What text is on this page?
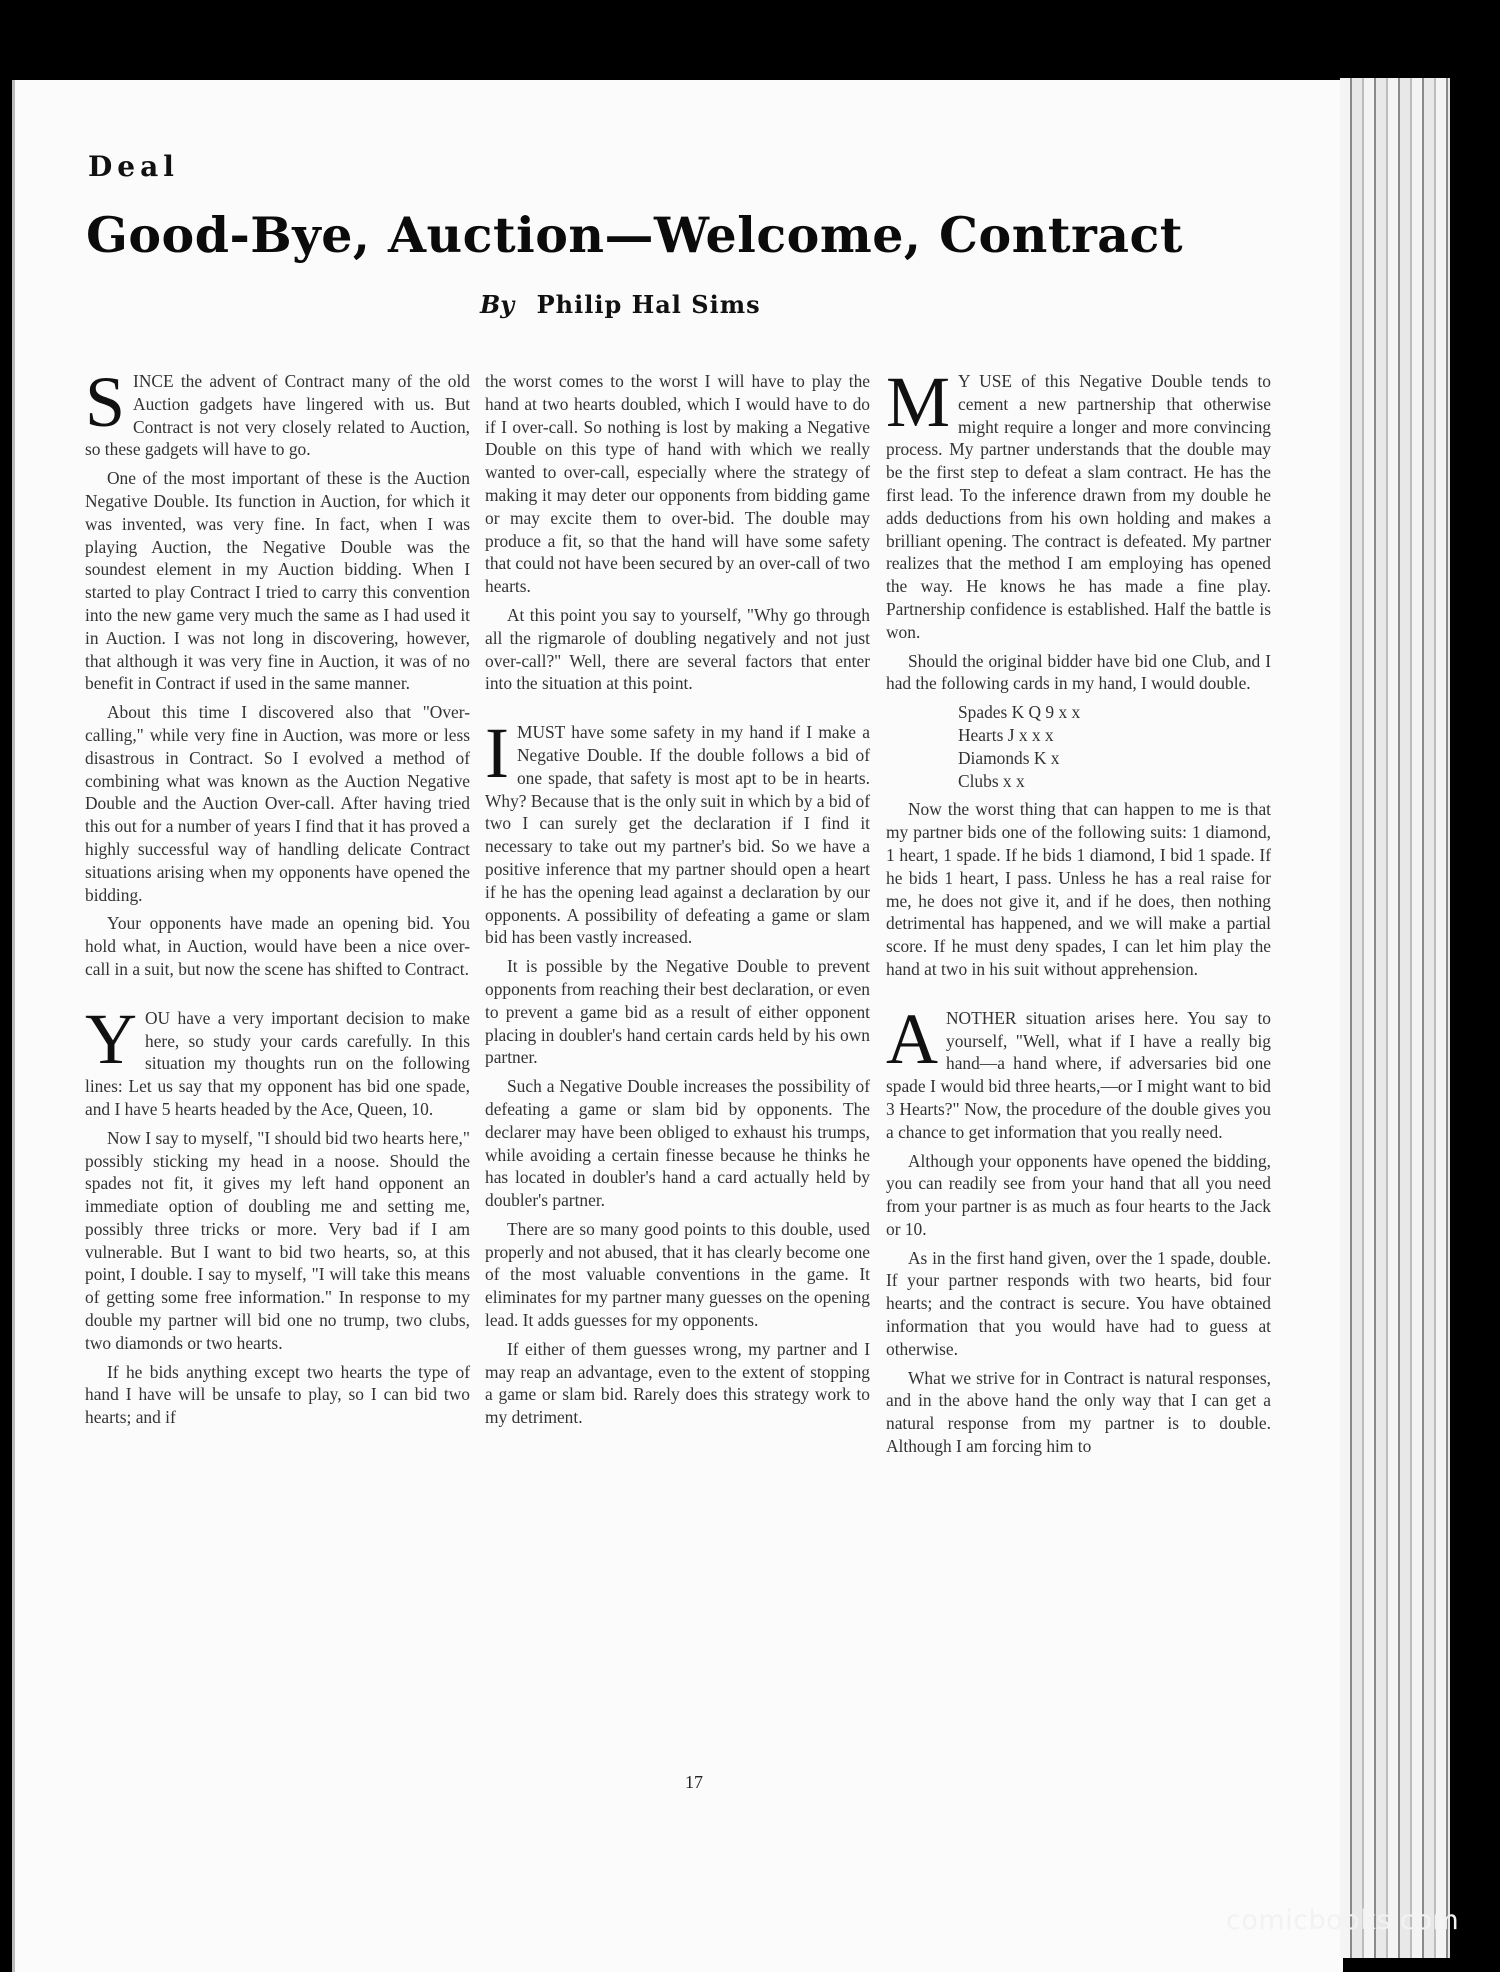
Deal
Good-Bye, Auction—Welcome, Contract
By Philip Hal Sims

SINCE the advent of Contract many of the old Auction gadgets have lingered with us. But Contract is not very closely related to Auction, so these gadgets will have to go.

One of the most important of these is the Auction Negative Double. Its function in Auction, for which it was invented, was very fine. In fact, when I was playing Auction, the Negative Double was the soundest element in my Auction bidding. When I started to play Contract I tried to carry this convention into the new game very much the same as I had used it in Auction. I was not long in discovering, however, that although it was very fine in Auction, it was of no benefit in Contract if used in the same manner.

About this time I discovered also that "Over-calling," while very fine in Auction, was more or less disastrous in Contract. So I evolved a method of combining what was known as the Auction Negative Double and the Auction Over-call. After having tried this out for a number of years I find that it has proved a highly successful way of handling delicate Contract situations arising when my opponents have opened the bidding.

Your opponents have made an opening bid. You hold what, in Auction, would have been a nice over-call in a suit, but now the scene has shifted to Contract.

YOU have a very important decision to make here, so study your cards carefully. In this situation my thoughts run on the following lines: Let us say that my opponent has bid one spade, and I have 5 hearts headed by the Ace, Queen, 10.

Now I say to myself, "I should bid two hearts here," possibly sticking my head in a noose. Should the spades not fit, it gives my left hand opponent an immediate option of doubling me and setting me, possibly three tricks or more. Very bad if I am vulnerable. But I want to bid two hearts, so, at this point, I double. I say to myself, "I will take this means of getting some free information." In response to my double my partner will bid one no trump, two clubs, two diamonds or two hearts.

If he bids anything except two hearts the type of hand I have will be unsafe to play, so I can bid two hearts; and if

the worst comes to the worst I will have to play the hand at two hearts doubled, which I would have to do if I over-call. So nothing is lost by making a Negative Double on this type of hand with which we really wanted to over-call, especially where the strategy of making it may deter our opponents from bidding game or may excite them to over-bid. The double may produce a fit, so that the hand will have some safety that could not have been secured by an over-call of two hearts.

At this point you say to yourself, "Why go through all the rigmarole of doubling negatively and not just over-call?" Well, there are several factors that enter into the situation at this point.

IMUST have some safety in my hand if I make a Negative Double. If the double follows a bid of one spade, that safety is most apt to be in hearts. Why? Because that is the only suit in which by a bid of two I can surely get the declaration if I find it necessary to take out my partner's bid. So we have a positive inference that my partner should open a heart if he has the opening lead against a declaration by our opponents. A possibility of defeating a game or slam bid has been vastly increased.

It is possible by the Negative Double to prevent opponents from reaching their best declaration, or even to prevent a game bid as a result of either opponent placing in doubler's hand certain cards held by his own partner.

Such a Negative Double increases the possibility of defeating a game or slam bid by opponents. The declarer may have been obliged to exhaust his trumps, while avoiding a certain finesse because he thinks he has located in doubler's hand a card actually held by doubler's partner.

There are so many good points to this double, used properly and not abused, that it has clearly become one of the most valuable conventions in the game. It eliminates for my partner many guesses on the opening lead. It adds guesses for my opponents.

If either of them guesses wrong, my partner and I may reap an advantage, even to the extent of stopping a game or slam bid. Rarely does this strategy work to my detriment.

M Y USE of this Negative Double tends to cement a new partnership that otherwise might require a longer and more convincing process. My partner understands that the double may be the first step to defeat a slam contract. He has the first lead. To the inference drawn from my double he adds deductions from his own holding and makes a brilliant opening. The contract is defeated. My partner realizes that the method I am employing has opened the way. He knows he has made a fine play. Partnership confidence is established. Half the battle is won.

Should the original bidder have bid one Club, and I had the following cards in my hand, I would double.

Spades K Q 9 x x
Hearts J x x x
Diamonds K x
Clubs x x

Now the worst thing that can happen to me is that my partner bids one of the following suits: 1 diamond, 1 heart, 1 spade. If he bids 1 diamond, I bid 1 spade. If he bids 1 heart, I pass. Unless he has a real raise for me, he does not give it, and if he does, then nothing detrimental has happened, and we will make a partial score. If he must deny spades, I can let him play the hand at two in his suit without apprehension.

ANOTHER situation arises here. You say to yourself, "Well, what if I have a really big hand—a hand where, if adversaries bid one spade I would bid three hearts,—or I might want to bid 3 Hearts?" Now, the procedure of the double gives you a chance to get information that you really need.

Although your opponents have opened the bidding, you can readily see from your hand that all you need from your partner is as much as four hearts to the Jack or 10.

As in the first hand given, over the 1 spade, double. If your partner responds with two hearts, bid four hearts; and the contract is secure. You have obtained information that you would have had to guess at otherwise.

What we strive for in Contract is natural responses, and in the above hand the only way that I can get a natural response from my partner is to double. Although I am forcing him to

17
comicbooks.com
